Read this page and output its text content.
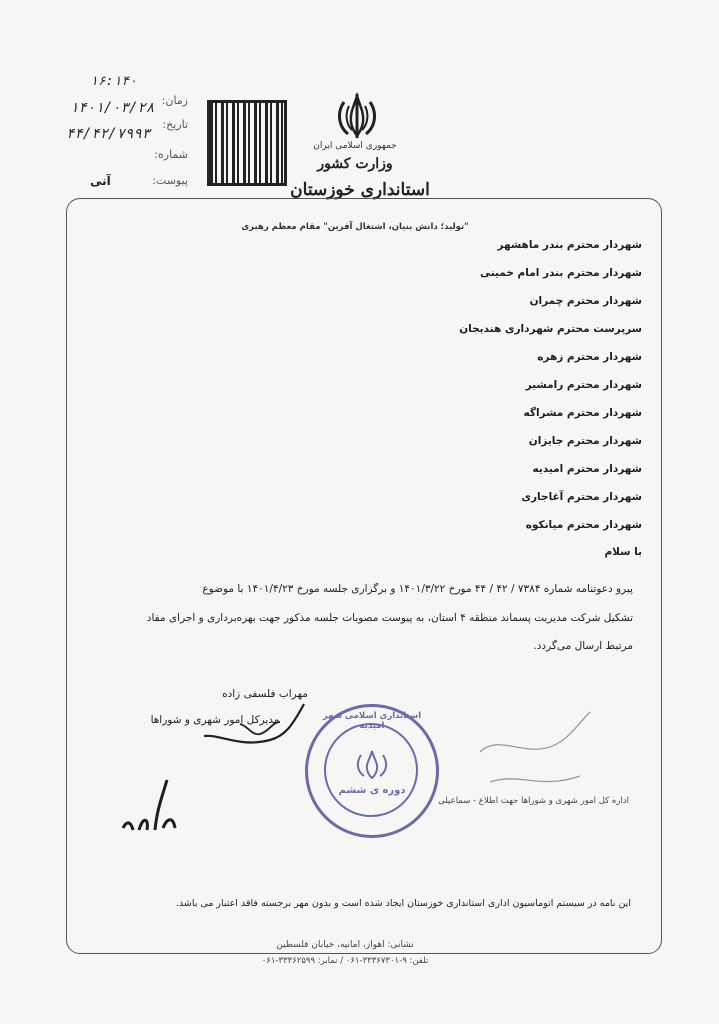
جمهوری اسلامی ایران
وزارت کشور
استانداری خوزستان
زمان:
تاریخ:
شماره:
پیوست:
۱۶:۱۴۰
۱۴۰۱/۰۳/۲۸
۴۴/۴۲/۷۹۹۳
آنی
"تولید؛ دانش بنیان، اشتغال آفرین" مقام معظم رهبری
شهردار محترم بندر ماهشهر
شهردار محترم بندر امام خمینی
شهردار محترم چمران
سرپرست محترم شهرداری هندیجان
شهردار محترم زهره
شهردار محترم رامشیر
شهردار محترم مشراگه
شهردار محترم جایزان
شهردار محترم امیدیه
شهردار محترم آغاجاری
شهردار محترم میانکوه
با سلام
پیرو دعوتنامه شماره ۷۳۸۴ / ۴۲ / ۴۴ مورخ ۱۴۰۱/۳/۲۲ و برگزاری جلسه مورخ ۱۴۰۱/۴/۲۳ با موضوع
تشکیل شرکت مدیریت پسماند منطقه ۴ استان، به پیوست مصوبات جلسه مذکور جهت بهره‌برداری و اجرای مفاد
مرتبط ارسال می‌گردد.
مهراب فلسفی زاده
مدیرکل امور شهری و شوراها	استانداری اسلامی شهر امیدیه
دوره ی ششم
اداره کل امور شهری و شوراها جهت اطلاع - سماعیلی
این نامه در سیستم اتوماسیون اداری استانداری خوزستان ایجاد شده است و بدون مهر برجسته فاقد اعتبار می باشد.
نشانی: اهواز، امانیه، خیابان فلسطین
تلفن: ۹-۳۳۳۶۷۳۰۱-۰۶۱ / نمابر: ۳۳۳۶۲۵۹۹-۰۶۱
